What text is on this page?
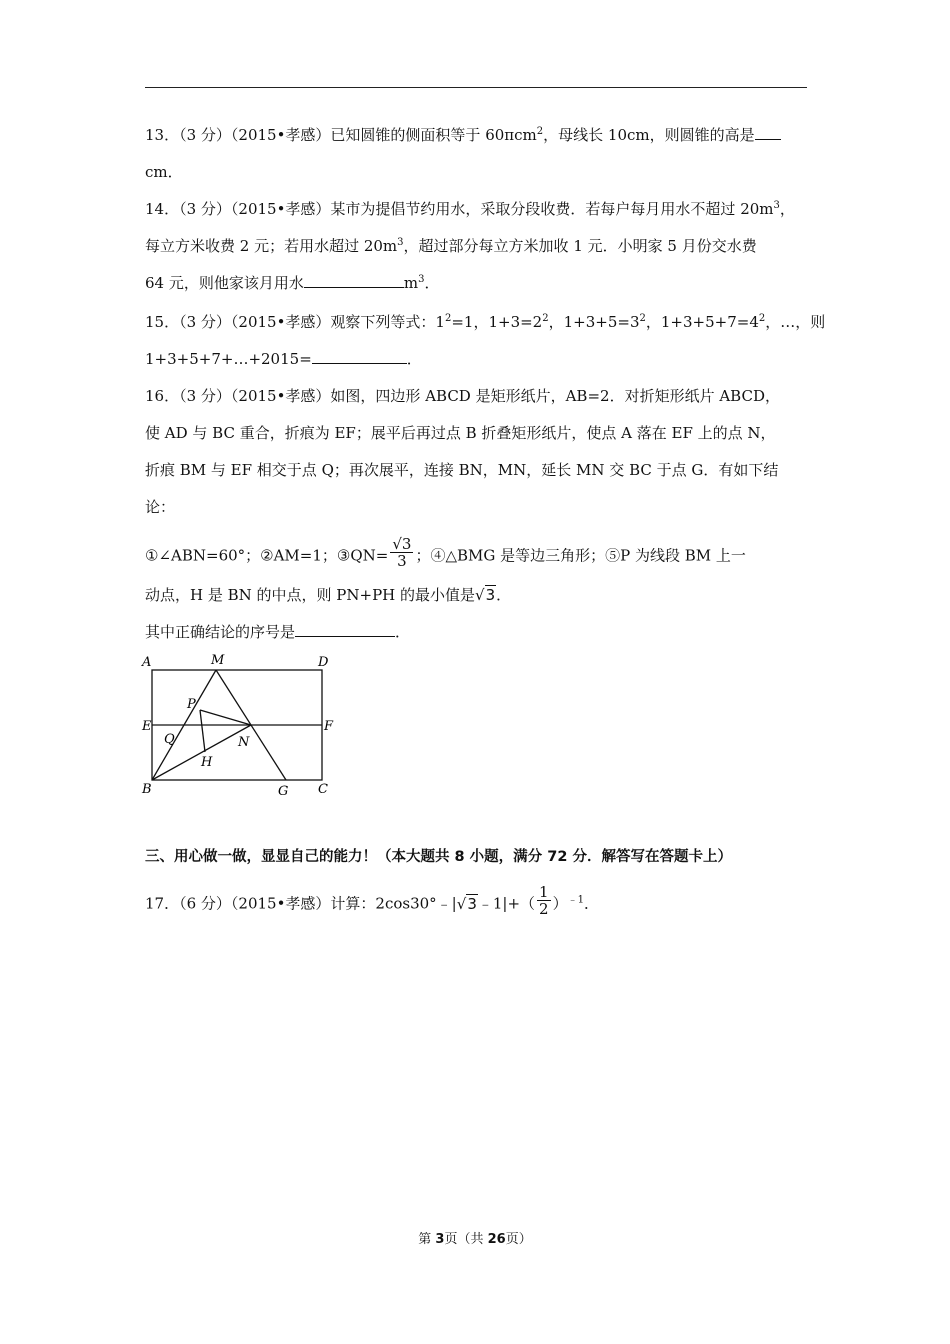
13．（3 分）（2015•孝感）已知圆锥的侧面积等于 60πcm$^2$，母线长 10cm，则圆锥的高是
cm．
14．（3 分）（2015•孝感）某市为提倡节约用水，采取分段收费．若每户每月用水不超过 $20m^3$，
每立方米收费 2 元；若用水超过 $20m^3$，超过部分每立方米加收 1 元．小明家 5 月份交水费
64 元，则他家该月用水	$m^3$．
15．（3 分）（2015•孝感）观察下列等式：$1^2=1$，$1+3=2^2$，$1+3+5=3^2$，$1+3+5+7=4^2$，…，则
1+3+5+7+…+2015=	．
16．（3 分）（2015•孝感）如图，四边形 ABCD 是矩形纸片，AB=2．对折矩形纸片 ABCD，
使 AD 与 BC 重合，折痕为 EF；展平后再过点 B 折叠矩形纸片，使点 A 落在 EF 上的点 N，
折痕 BM 与 EF 相交于点 Q；再次展平，连接 BN，MN，延长 MN 交 BC 于点 G．有如下结
论：
①∠ABN=60°；②AM=1；③QN= $\frac{√3}{3}$ ；④△BMG 是等边三角形；⑤P 为线段 BM 上一
动点，H 是 BN 的中点，则 PN+PH 的最小值是√3．
其中正确结论的序号是	．
A	M	D
P
E	F
Q	N
H
B	G C
三、用心做一做，显显自己的能力！（本大题共 8 小题，满分 72 分．解答写在答题卡上）
17．（6 分）（2015•孝感）计算：2cos30°﹣|√3﹣1|+（ $\frac{1}{2} )^{﹣1}$．
第 3页（共 26页）
